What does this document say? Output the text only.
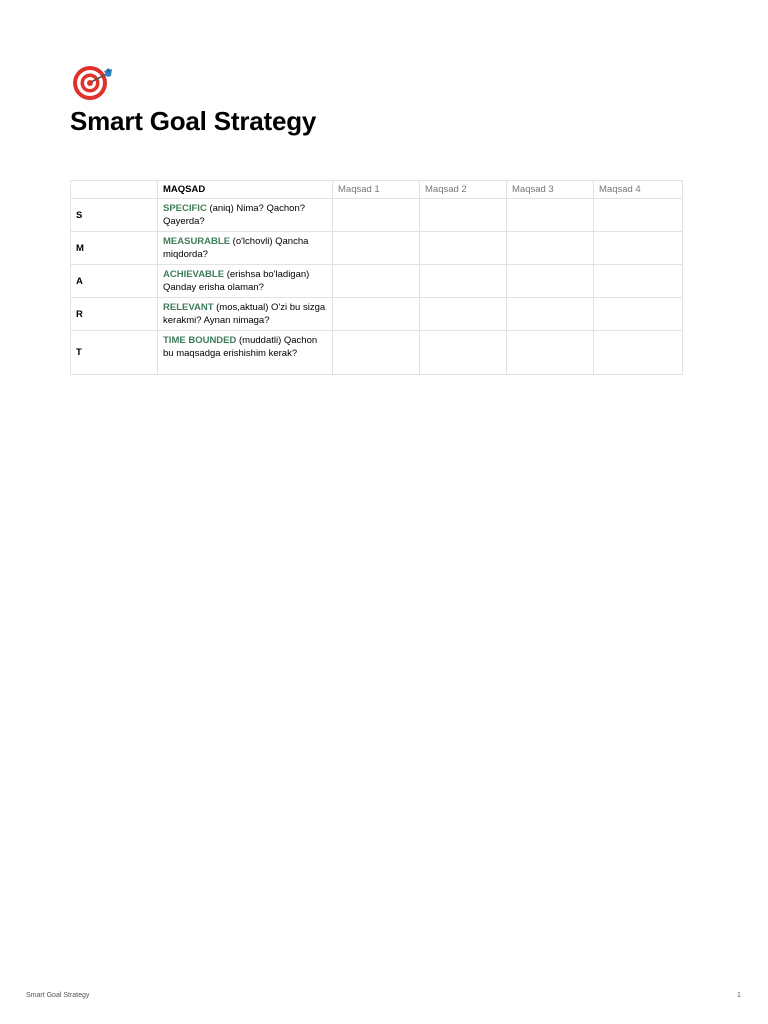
Smart Goal Strategy
	MAQSAD	Maqsad 1	Maqsad 2	Maqsad 3	Maqsad 4
S	SPECIFIC (aniq) Nima? Qachon? Qayerda?				
M	MEASURABLE (o'lchovli) Qancha miqdorda?				
A	ACHIEVABLE (erishsa bo'ladigan) Qanday erisha olaman?				
R	RELEVANT (mos,aktual) O'zi bu sizga kerakmi? Aynan nimaga?				
T	TIME BOUNDED (muddatli) Qachon bu maqsadga erishishim kerak?				
Smart Goal Strategy	1
